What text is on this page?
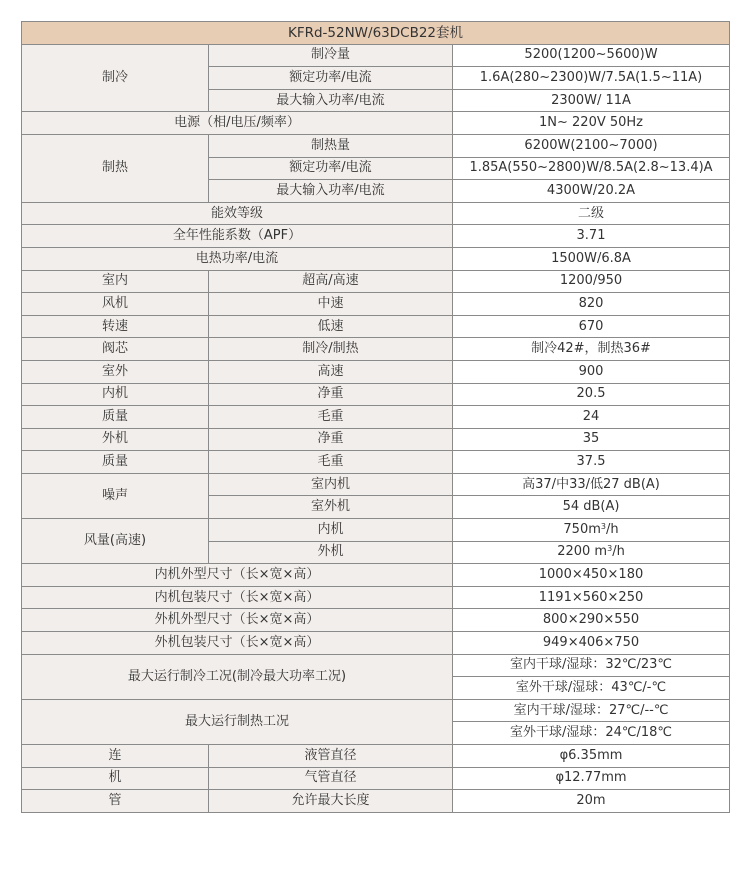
KFRd-52NW/63DCB22套机		
制冷	制冷量	5200(1200~5600)W
	额定功率/电流	1.6A(280~2300)W/7.5A(1.5~11A)
	最大输入功率/电流	2300W/ 11A
电源（相/电压/频率）		1N~ 220V 50Hz
制热	制热量	6200W(2100~7000)
	额定功率/电流	1.85A(550~2800)W/8.5A(2.8~13.4)A
	最大输入功率/电流	4300W/20.2A
能效等级		二级
全年性能系数（APF）		3.71
电热功率/电流		1500W/6.8A
室内	超高/高速	1200/950
风机	中速	820
转速	低速	670
阀芯	制冷/制热	制冷42#，制热36#
室外	高速	900
内机	净重	20.5
质量	毛重	24
外机	净重	35
质量	毛重	37.5
噪声	室内机	高37/中33/低27 dB(A)
	室外机	54 dB(A)
风量(高速)	内机	$750m^3/h$
	外机	2200 $m^3/h$
内机外型尺寸（长×宽×高）		1000×450×180
内机包装尺寸（长×宽×高）		1191×560×250
外机外型尺寸（长×宽×高）		800×290×550
外机包装尺寸（长×宽×高）		949×406×750
最大运行制冷工况(制冷最大功率工况)		室内干球/湿球：32℃/23℃
		室外干球/湿球：43℃/-℃
最大运行制热工况		室内干球/湿球：27℃/--℃
		室外干球/湿球：24℃/18℃
连	液管直径	φ6.35mm
机	气管直径	φ12.77mm
管	允许最大长度	20m
